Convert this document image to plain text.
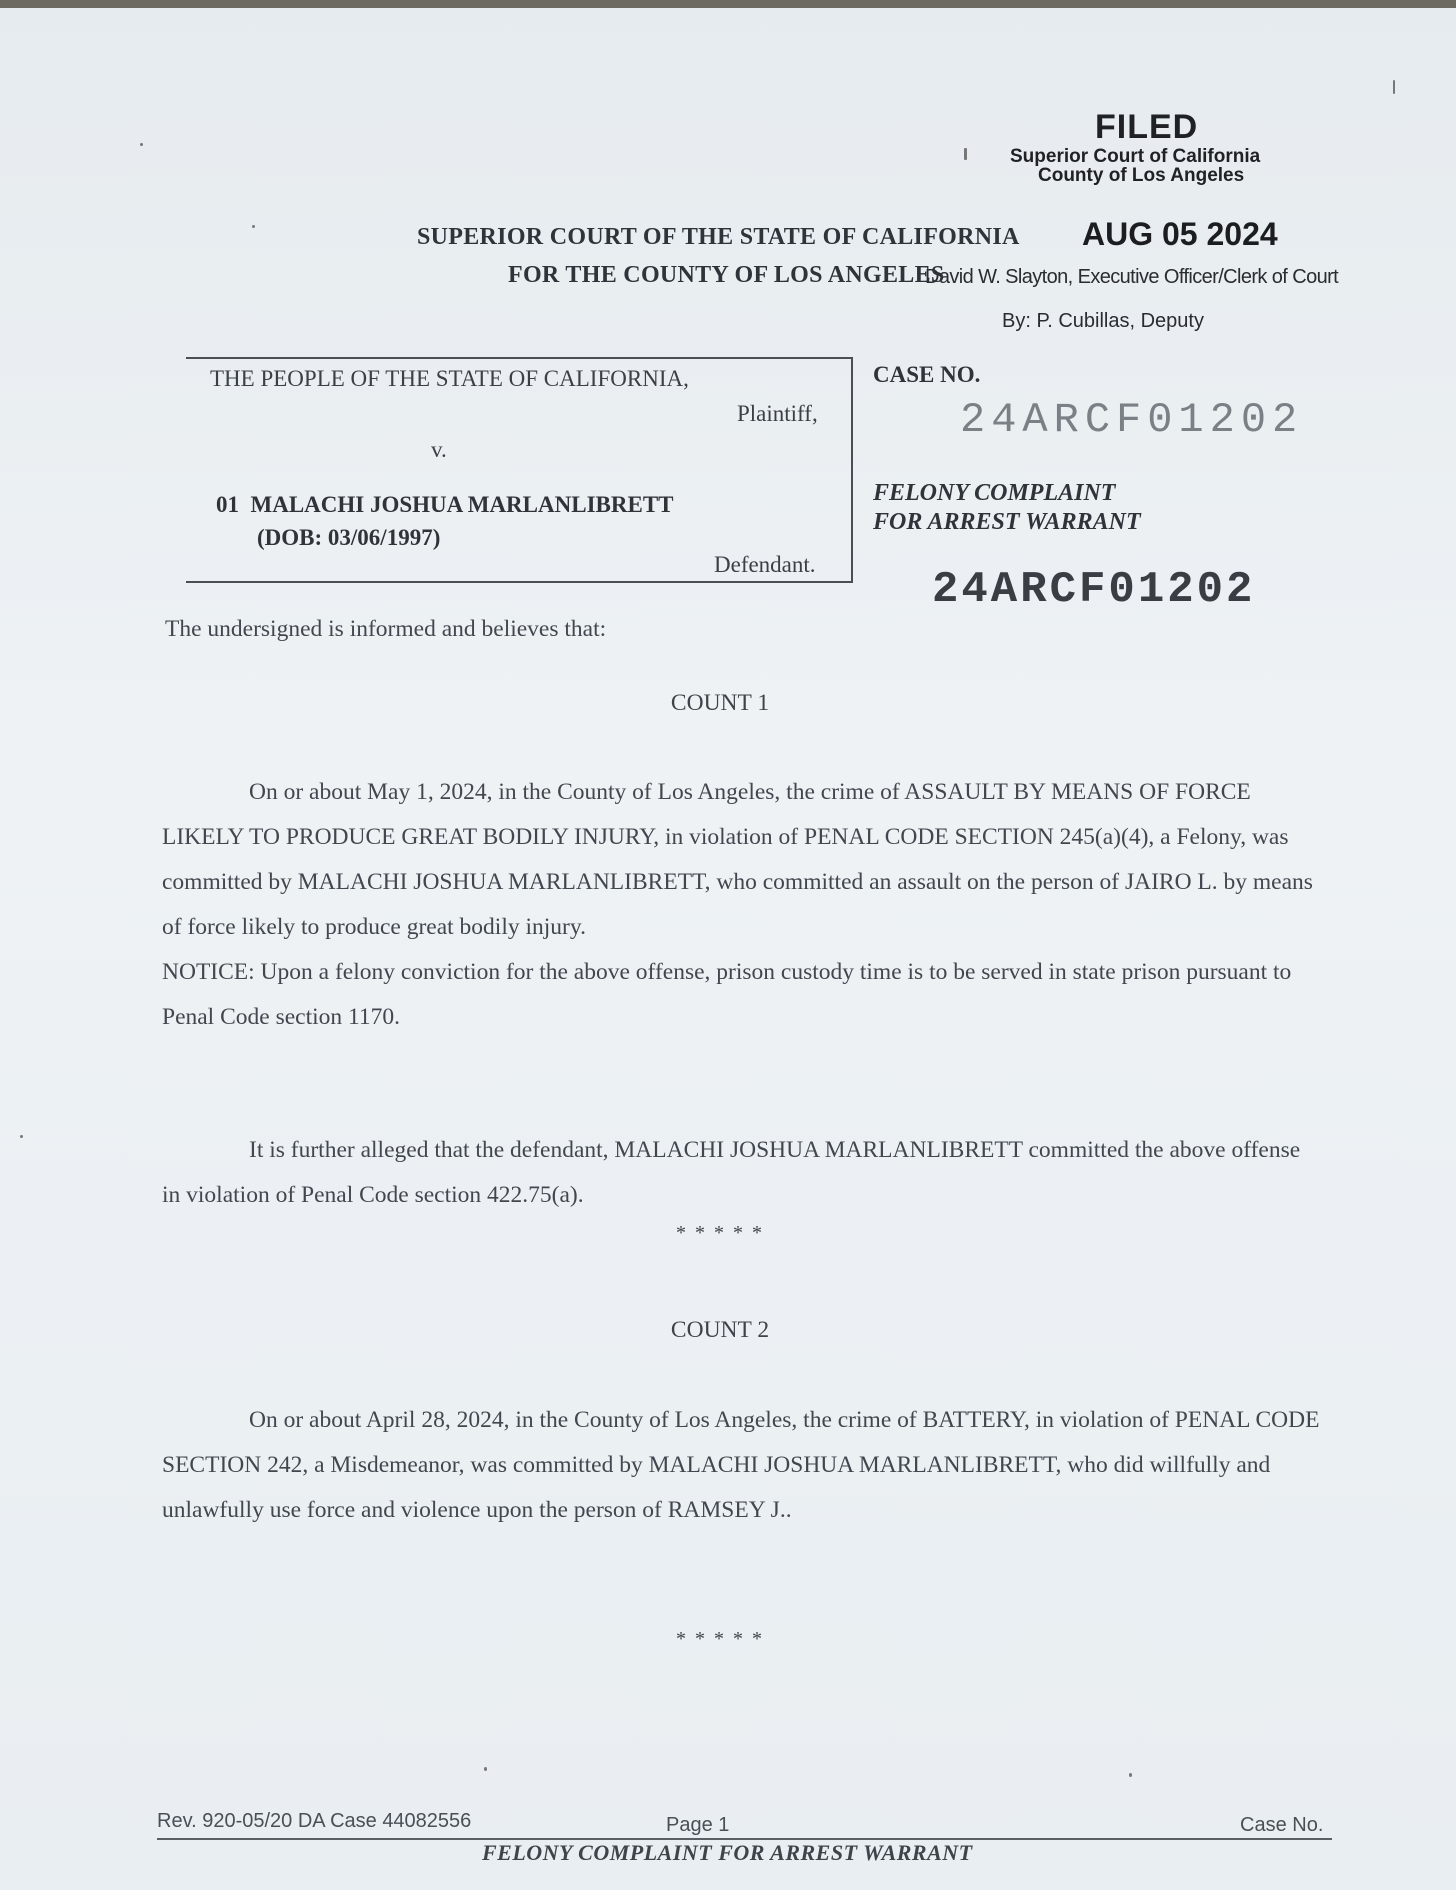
FILED
Superior Court of California
County of Los Angeles
AUG 05 2024
David W. Slayton, Executive Officer/Clerk of Court
By: P. Cubillas, Deputy
SUPERIOR COURT OF THE STATE OF CALIFORNIA
FOR THE COUNTY OF LOS ANGELES
THE PEOPLE OF THE STATE OF CALIFORNIA,
Plaintiff,
v.
01  MALACHI JOSHUA MARLANLIBRETT
(DOB: 03/06/1997)
Defendant.
CASE NO.
24ARCF01202
FELONY COMPLAINT
FOR ARREST WARRANT
24ARCF01202
The undersigned is informed and believes that:
COUNT 1

On or about May 1, 2024, in the County of Los Angeles, the crime of ASSAULT BY MEANS OF FORCE LIKELY TO PRODUCE GREAT BODILY INJURY, in violation of PENAL CODE SECTION 245(a)(4), a Felony, was committed by MALACHI JOSHUA MARLANLIBRETT, who committed an assault on the person of JAIRO L. by means of force likely to produce great bodily injury.

NOTICE: Upon a felony conviction for the above offense, prison custody time is to be served in state prison pursuant to Penal Code section 1170.

It is further alleged that the defendant, MALACHI JOSHUA MARLANLIBRETT committed the above offense in violation of Penal Code section 422.75(a).

* * * * *
COUNT 2

On or about April 28, 2024, in the County of Los Angeles, the crime of BATTERY, in violation of PENAL CODE SECTION 242, a Misdemeanor, was committed by MALACHI JOSHUA MARLANLIBRETT, who did willfully and unlawfully use force and violence upon the person of RAMSEY J..

* * * * *
Rev. 920-05/20 DA Case 44082556	Page 1	Case No.
FELONY COMPLAINT FOR ARREST WARRANT
